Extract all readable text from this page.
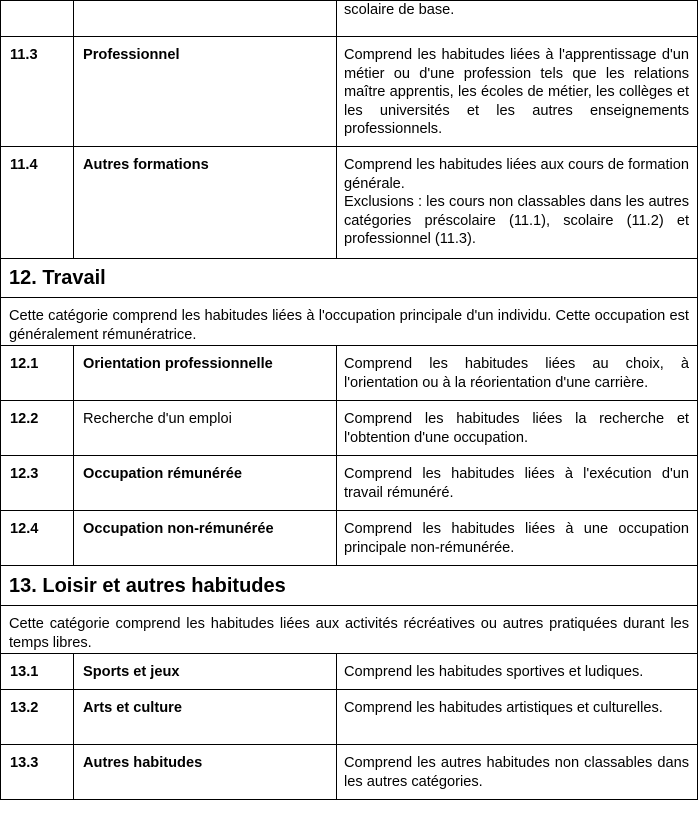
		scolaire de base.

11.3	Professionnel	Comprend les habitudes liées à l'apprentissage d'un métier ou d'une profession tels que les relations maître apprentis, les écoles de métier, les collèges et les universités et les autres enseignements professionnels.

11.4	Autres formations	Comprend les habitudes liées aux cours de formation générale.
Exclusions : les cours non classables dans les autres catégories préscolaire (11.1), scolaire (11.2) et professionnel (11.3).

12. Travail		
Cette catégorie comprend les habitudes liées à l'occupation principale d'un individu. Cette occupation est généralement rémunératrice.		
12.1	Orientation professionnelle	Comprend les habitudes liées au choix, à l'orientation ou à la réorientation d'une carrière.

12.2	Recherche d'un emploi	Comprend les habitudes liées la recherche et l'obtention d'une occupation.

12.3	Occupation rémunérée	Comprend les habitudes liées à l'exécution d'un travail rémunéré.

12.4	Occupation non-rémunérée	Comprend les habitudes liées à une occupation principale non-rémunérée.

13. Loisir et autres habitudes		
Cette catégorie comprend les habitudes liées aux activités récréatives ou autres pratiquées durant les temps libres.		
13.1	Sports et jeux	Comprend les habitudes sportives et ludiques.

13.2	Arts et culture	Comprend les habitudes artistiques et culturelles.

13.3	Autres habitudes	Comprend les autres habitudes non classables dans les autres catégories.
